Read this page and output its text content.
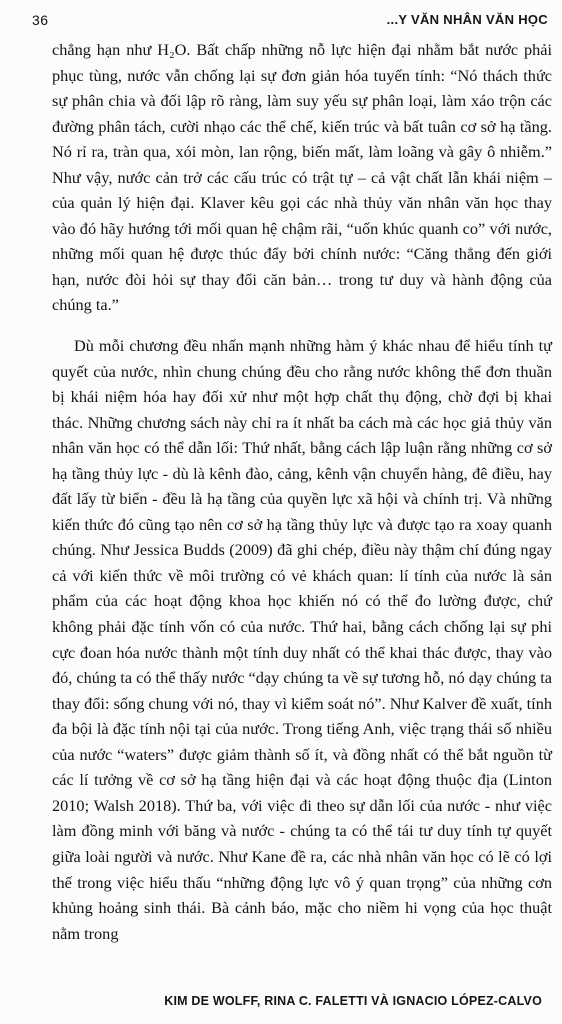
36	...Y VĂN NHÂN VĂN HỌC

chẳng hạn như H₂O. Bất chấp những nỗ lực hiện đại nhằm bắt nước phải phục tùng, nước vẫn chống lại sự đơn giản hóa tuyến tính: “Nó thách thức sự phân chia và đối lập rõ ràng, làm suy yếu sự phân loại, làm xáo trộn các đường phân tách, cười nhạo các thể chế, kiến trúc và bất tuân cơ sở hạ tầng. Nó rỉ ra, tràn qua, xói mòn, lan rộng, biến mất, làm loãng và gây ô nhiễm.” Như vậy, nước cản trở các cấu trúc có trật tự – cả vật chất lẫn khái niệm – của quản lý hiện đại. Klaver kêu gọi các nhà thủy văn nhân văn học thay vào đó hãy hướng tới mối quan hệ chậm rãi, “uốn khúc quanh co” với nước, những mối quan hệ được thúc đẩy bởi chính nước: “Căng thẳng đến giới hạn, nước đòi hỏi sự thay đổi căn bản… trong tư duy và hành động của chúng ta.”

Dù mỗi chương đều nhấn mạnh những hàm ý khác nhau để hiểu tính tự quyết của nước, nhìn chung chúng đều cho rằng nước không thể đơn thuần bị khái niệm hóa hay đối xử như một hợp chất thụ động, chờ đợi bị khai thác. Những chương sách này chỉ ra ít nhất ba cách mà các học giả thủy văn nhân văn học có thể dẫn lối: Thứ nhất, bằng cách lập luận rằng những cơ sở hạ tầng thủy lực - dù là kênh đào, cảng, kênh vận chuyển hàng, đê điều, hay đất lấy từ biển - đều là hạ tầng của quyền lực xã hội và chính trị. Và những kiến thức đó cũng tạo nên cơ sở hạ tầng thủy lực và được tạo ra xoay quanh chúng. Như Jessica Budds (2009) đã ghi chép, điều này thậm chí đúng ngay cả với kiến thức về môi trường có vẻ khách quan: lí tính của nước là sản phẩm của các hoạt động khoa học khiến nó có thể đo lường được, chứ không phải đặc tính vốn có của nước. Thứ hai, bằng cách chống lại sự phi cực đoan hóa nước thành một tính duy nhất có thể khai thác được, thay vào đó, chúng ta có thể thấy nước “dạy chúng ta về sự tương hỗ, nó dạy chúng ta thay đổi: sống chung với nó, thay vì kiểm soát nó”. Như Kalver đề xuất, tính đa bội là đặc tính nội tại của nước. Trong tiếng Anh, việc trạng thái số nhiều của nước “waters” được giảm thành số ít, và đồng nhất có thể bắt nguồn từ các lí tưởng về cơ sở hạ tầng hiện đại và các hoạt động thuộc địa (Linton 2010; Walsh 2018). Thứ ba, với việc đi theo sự dẫn lối của nước - như việc làm đồng minh với băng và nước - chúng ta có thể tái tư duy tính tự quyết giữa loài người và nước. Như Kane đề ra, các nhà nhân văn học có lẽ có lợi thế trong việc hiểu thấu “những động lực vô ý quan trọng” của những cơn khủng hoảng sinh thái. Bà cảnh báo, mặc cho niềm hi vọng của học thuật nằm trong

KIM DE WOLFF, RINA C. FALETTI VÀ IGNACIO LÓPEZ-CALVO
